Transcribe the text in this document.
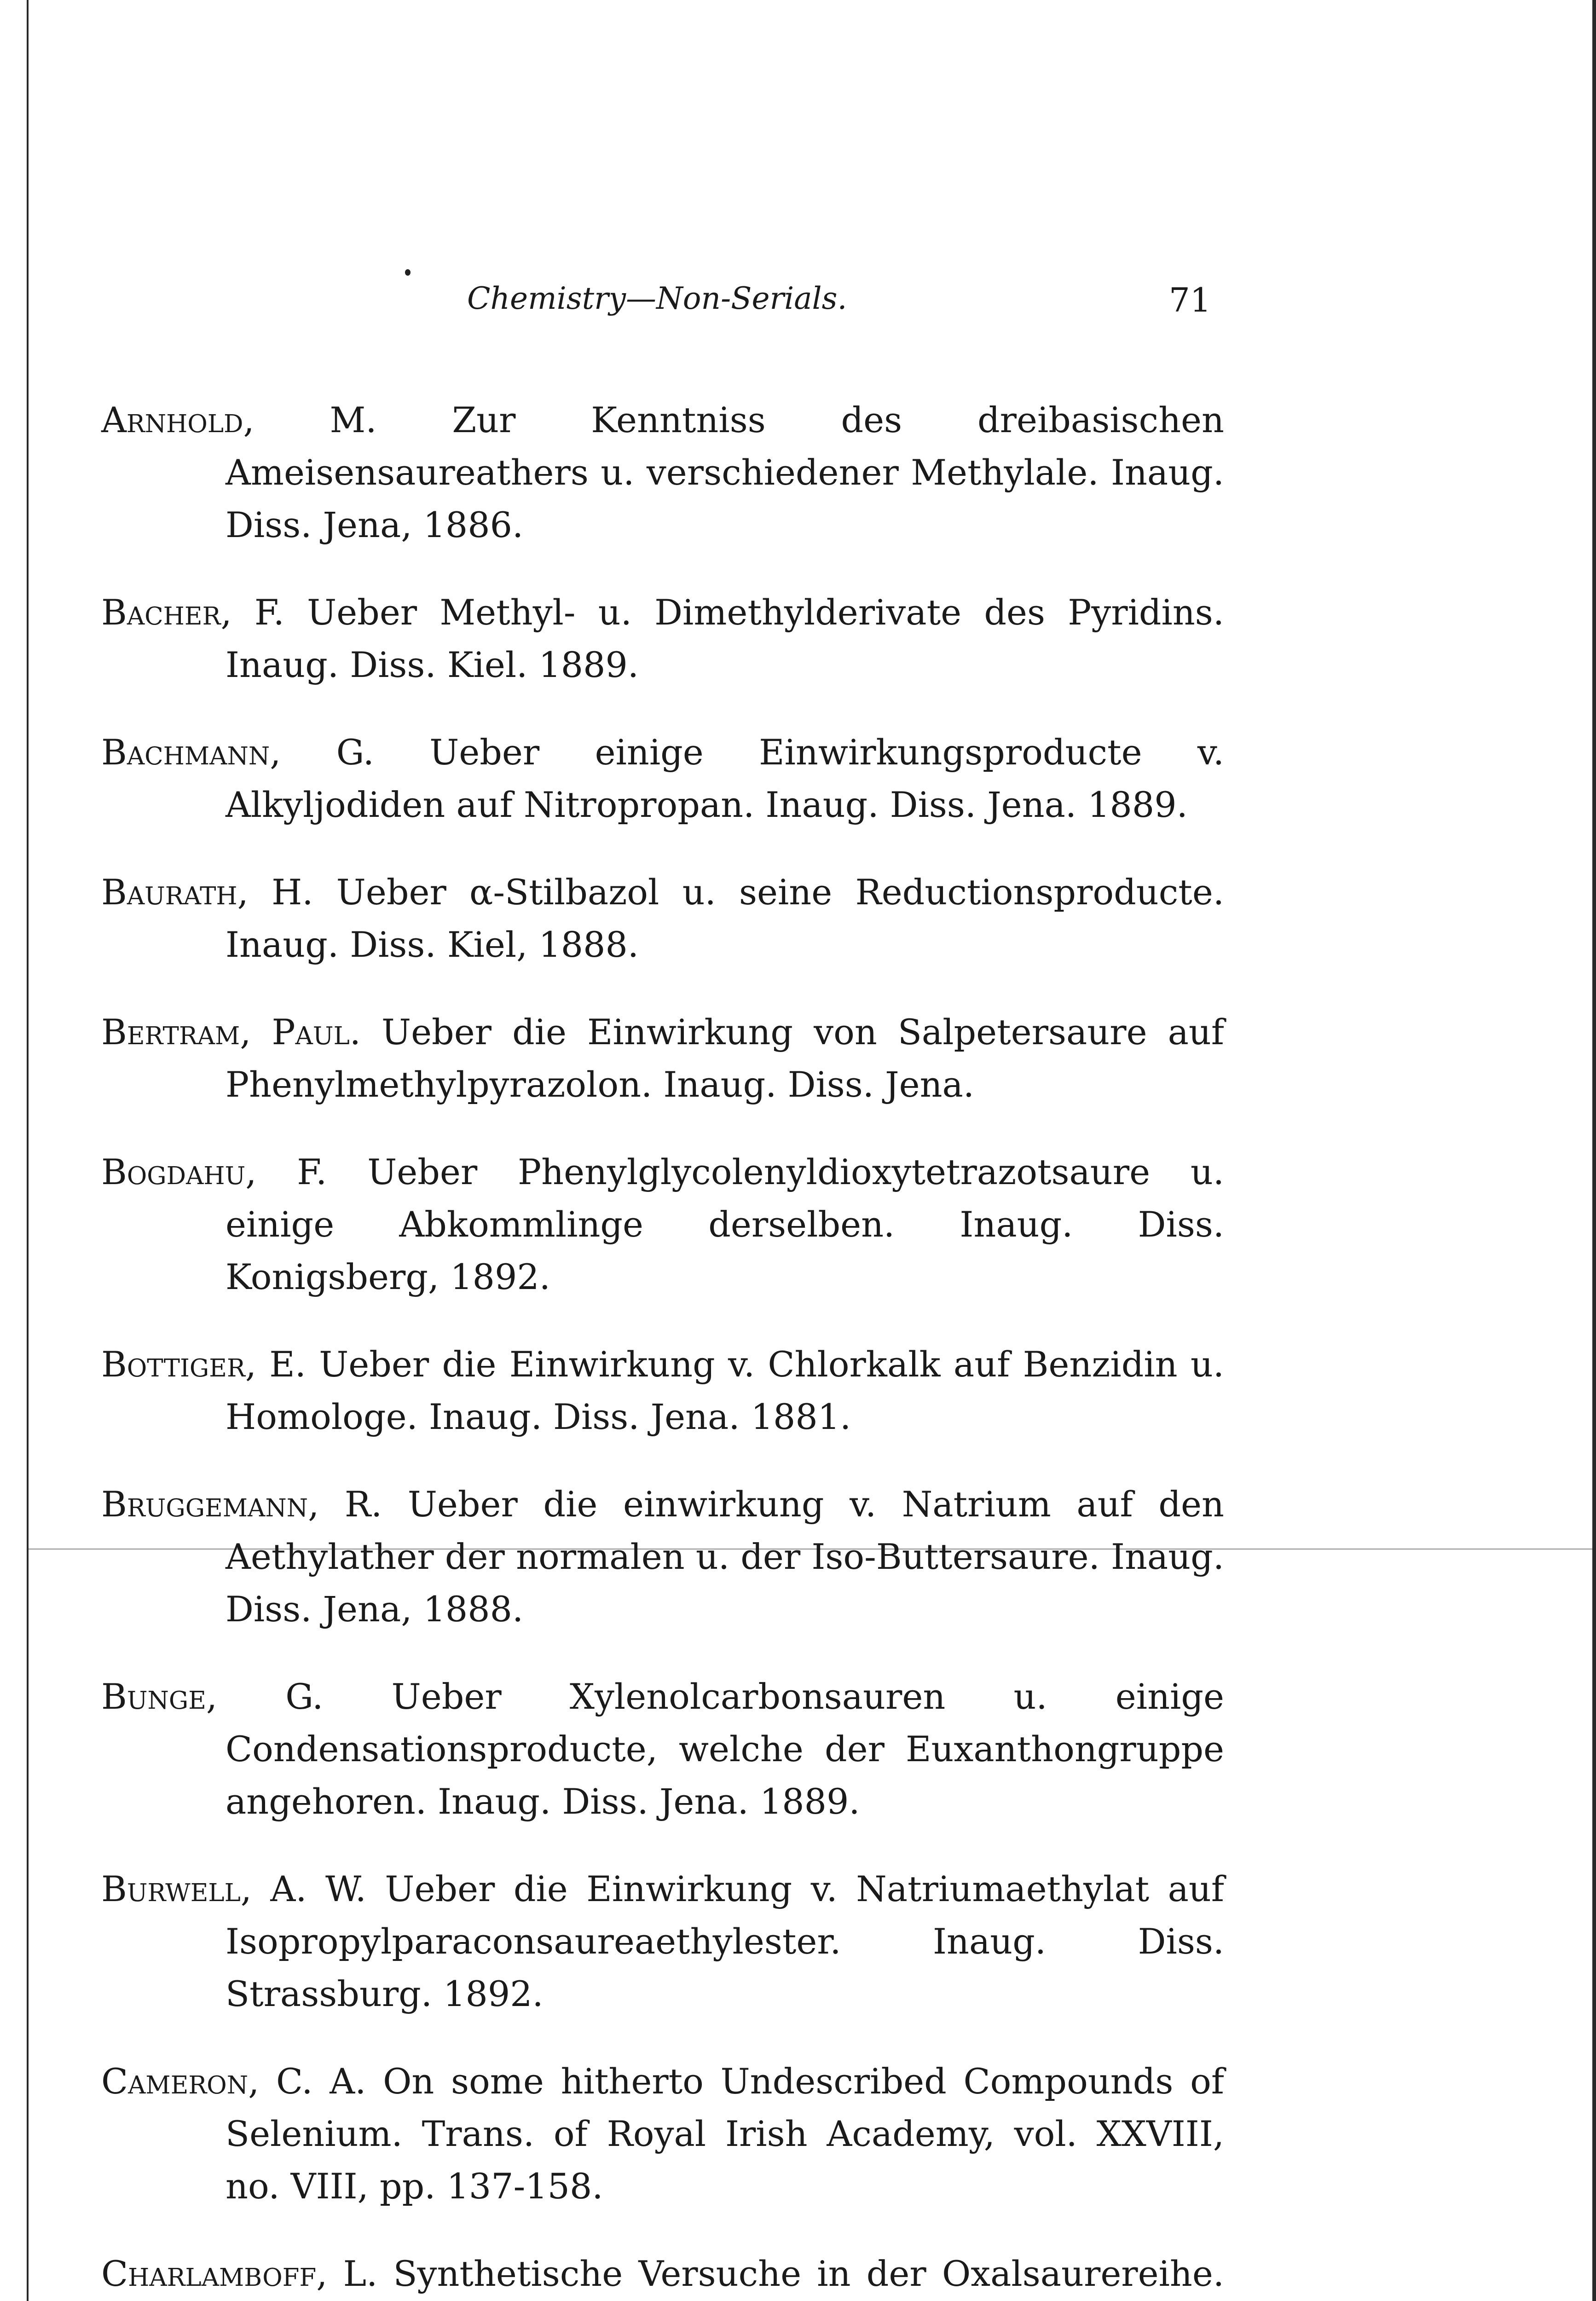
Chemistry—Non-Serials.	71

Arnhold, M. Zur Kenntniss des dreibasischen Ameisensaureathers u. verschiedener Methylale. Inaug. Diss. Jena, 1886.

Bacher, F. Ueber Methyl- u. Dimethylderivate des Pyridins. Inaug. Diss. Kiel. 1889.

Bachmann, G. Ueber einige Einwirkungsproducte v. Alkyljodiden auf Nitropropan. Inaug. Diss. Jena. 1889.

Baurath, H. Ueber α-Stilbazol u. seine Reductionsproducte. Inaug. Diss. Kiel, 1888.

Bertram, Paul. Ueber die Einwirkung von Salpetersaure auf Phenylmethylpyrazolon. Inaug. Diss. Jena.

Bogdahu, F. Ueber Phenylglycolenyldioxytetrazotsaure u. einige Abkommlinge derselben. Inaug. Diss. Konigsberg, 1892.

Bottiger, E. Ueber die Einwirkung v. Chlorkalk auf Benzidin u. Homologe. Inaug. Diss. Jena. 1881.

Bruggemann, R. Ueber die einwirkung v. Natrium auf den Aethylather der normalen u. der Iso-Buttersaure. Inaug. Diss. Jena, 1888.

Bunge, G. Ueber Xylenolcarbonsauren u. einige Condensationsproducte, welche der Euxanthongruppe angehoren. Inaug. Diss. Jena. 1889.

Burwell, A. W. Ueber die Einwirkung v. Natriumaethylat auf Isopropylparaconsaureaethylester. Inaug. Diss. Strassburg. 1892.

Cameron, C. A. On some hitherto Undescribed Compounds of Selenium. Trans. of Royal Irish Academy, vol. XXVIII, no. VIII, pp. 137-158.

Charlamboff, L. Synthetische Versuche in der Oxalsaurereihe.
